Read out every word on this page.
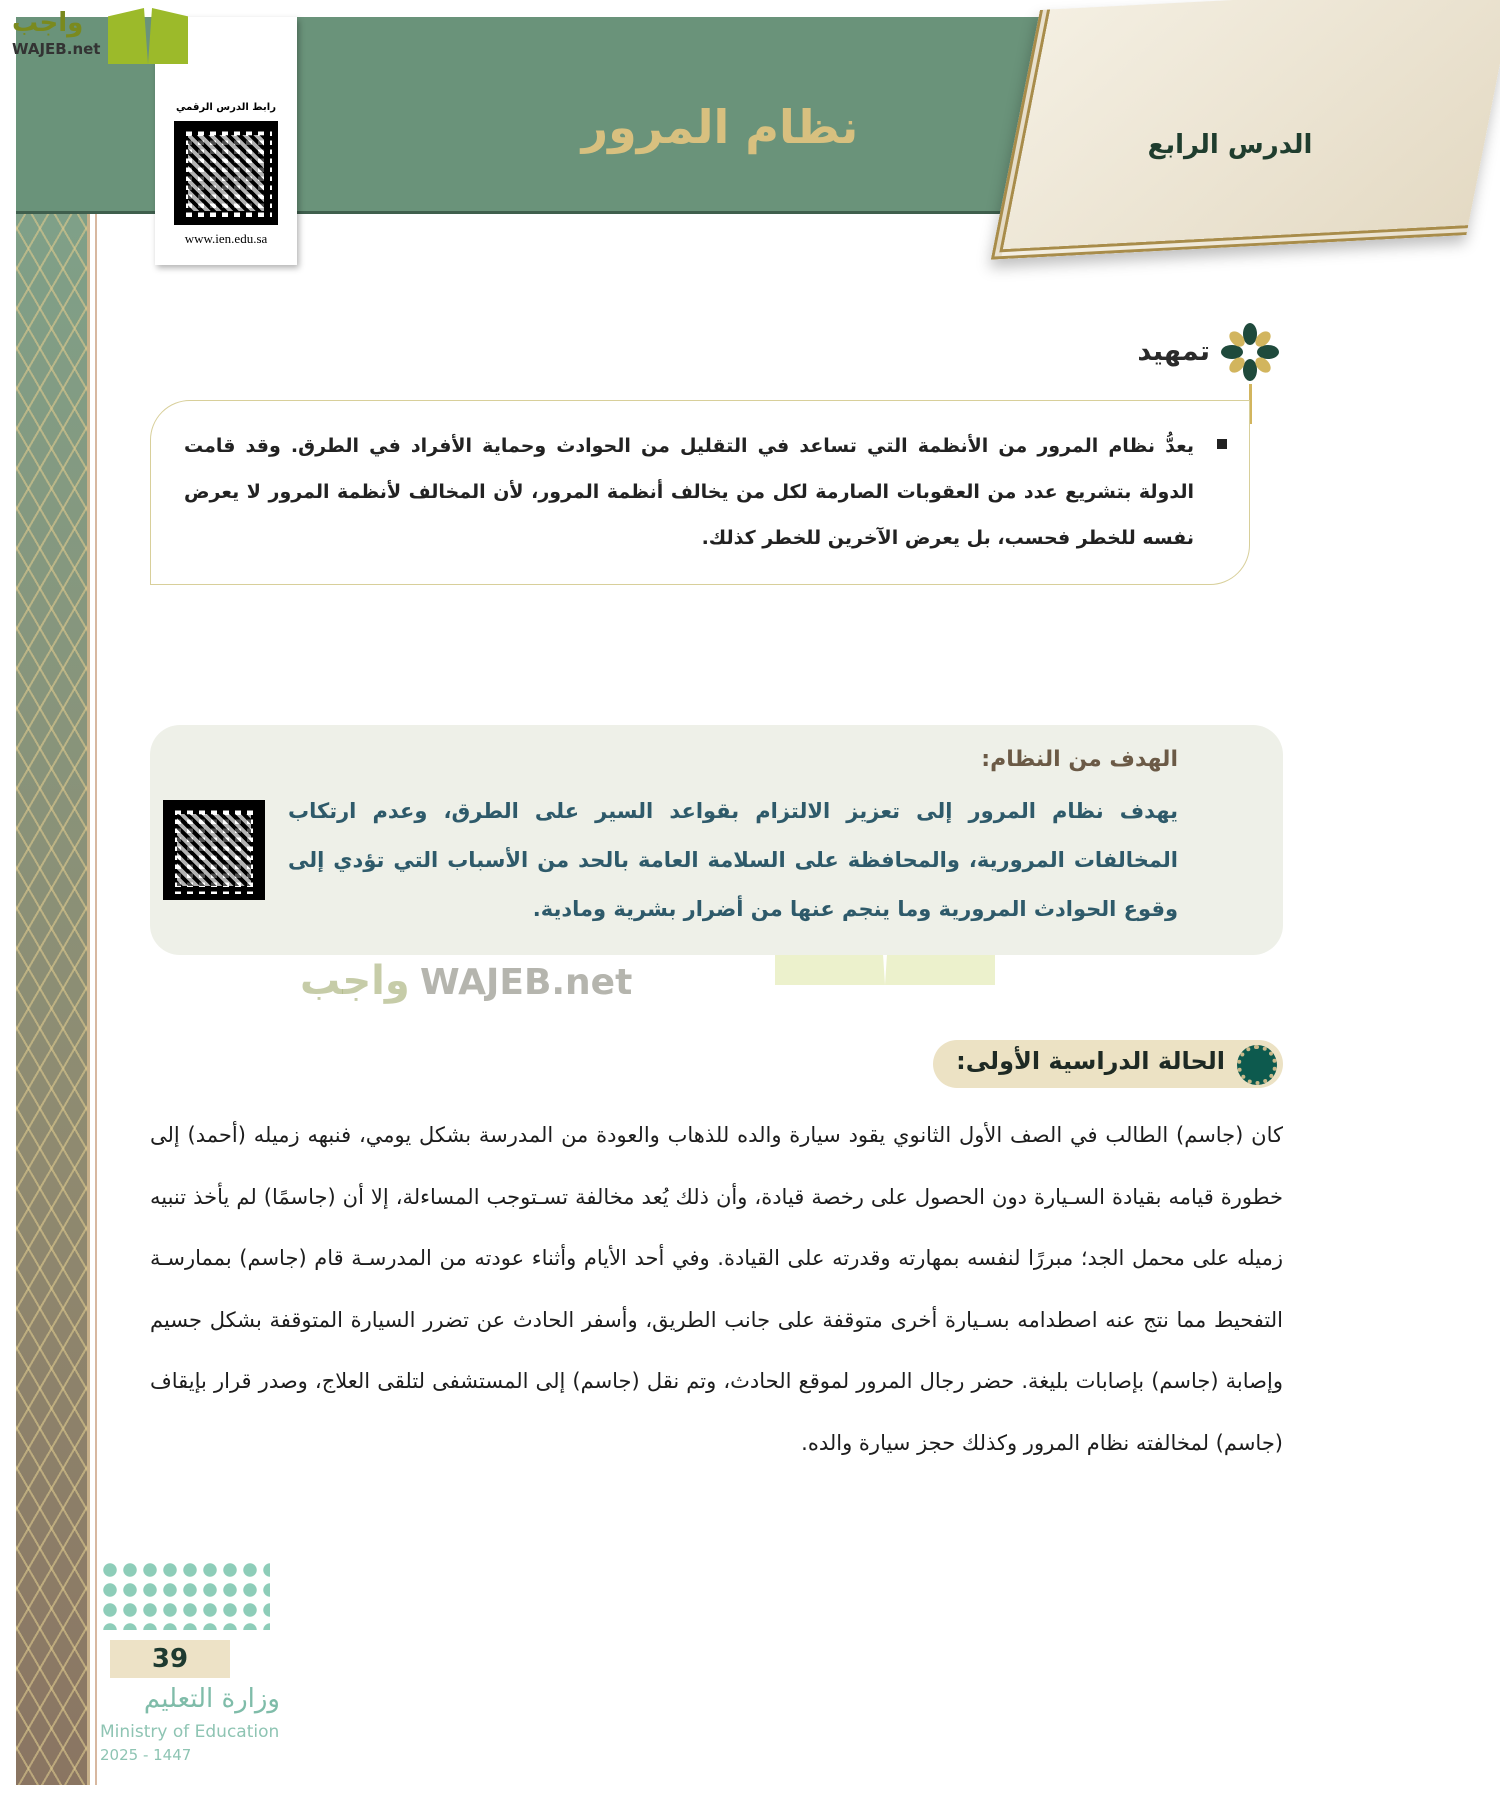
نظام المرور	الدرس الرابع
رابط الدرس الرقمي
www.ien.edu.sa
واجب
WAJEB.net
تمهيد

يعدُّ نظام المرور من الأنظمة التي تساعد في التقليل من الحوادث وحماية الأفراد في الطرق. وقد قامت الدولة بتشريع عدد من العقوبات الصارمة لكل من يخالف أنظمة المرور، لأن المخالف لأنظمة المرور لا يعرض نفسه للخطر فحسب، بل يعرض الآخرين للخطر كذلك.

الهدف من النظام:

يهدف نظام المرور إلى تعزيز الالتزام بقواعد السير على الطرق، وعدم ارتكاب المخالفات المرورية، والمحافظة على السلامة العامة بالحد من الأسباب التي تؤدي إلى وقوع الحوادث المرورية وما ينجم عنها من أضرار بشرية ومادية.

واجب WAJEB.net
الحالة الدراسية الأولى:

كان (جاسم) الطالب في الصف الأول الثانوي يقود سيارة والده للذهاب والعودة من المدرسة بشكل يومي، فنبهه زميله (أحمد) إلى خطورة قيامه بقيادة السـيارة دون الحصول على رخصة قيادة، وأن ذلك يُعد مخالفة تسـتوجب المساءلة، إلا أن (جاسمًا) لم يأخذ تنبيه زميله على محمل الجد؛ مبررًا لنفسه بمهارته وقدرته على القيادة. وفي أحد الأيام وأثناء عودته من المدرسـة قام (جاسم) بممارسـة التفحيط مما نتج عنه اصطدامه بسـيارة أخرى متوقفة على جانب الطريق، وأسفر الحادث عن تضرر السيارة المتوقفة بشكل جسيم وإصابة (جاسم) بإصابات بليغة. حضر رجال المرور لموقع الحادث، وتم نقل (جاسم) إلى المستشفى لتلقى العلاج، وصدر قرار بإيقاف (جاسم) لمخالفته نظام المرور وكذلك حجز سيارة والده.

39
وزارة التعليم
Ministry of Education
2025 - 1447
